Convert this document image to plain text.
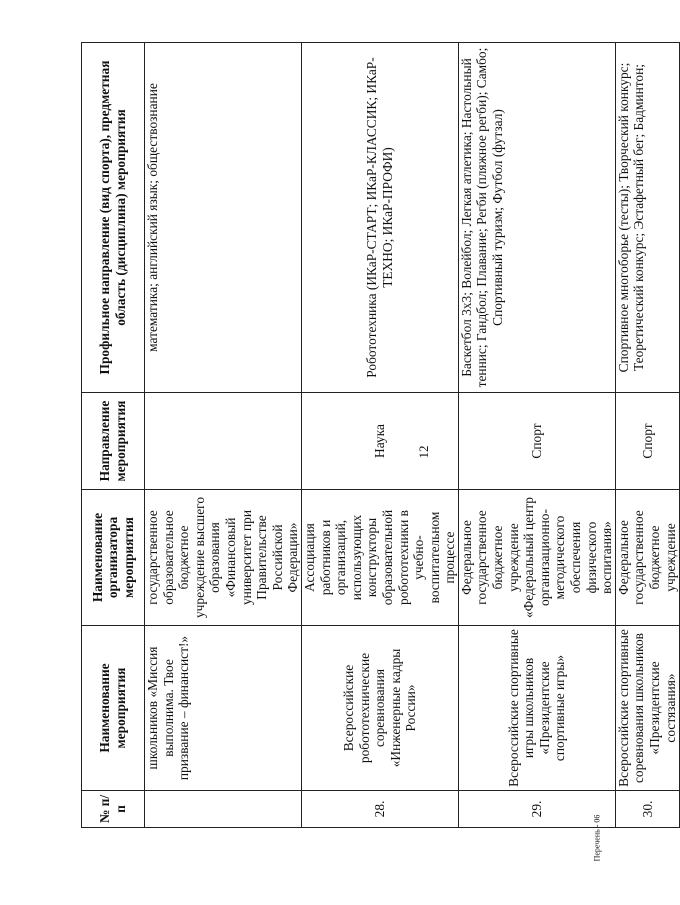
12
Перечень - 06
№ п/п	Наименование мероприятия	Наименование организатора мероприятия	Направление мероприятия	Профильное направление (вид спорта), предметная область (дисциплина) мероприятия
	школьников «Миссия выполнима. Твое призвание – финансист!»	государственное образовательное бюджетное учреждение высшего образования «Финансовый университет при Правительстве Российской Федерации»		математика; английский язык; обществознание
28.	Всероссийские робототехнические соревнования «Инженерные кадры России»	Ассоциация работников и организаций, использующих конструкторы образовательной робототехники в учебно-воспитательном процессе	Наука	Робототехника (ИКаР-СТАРТ; ИКаР-КЛАССИК; ИКаР-ТЕХНО; ИКаР-ПРОФИ)
29.	Всероссийские спортивные игры школьников «Президентские спортивные игры»	Федеральное государственное бюджетное учреждение «Федеральный центр организационно-методического обеспечения физического воспитания»	Спорт	Баскетбол 3х3; Волейбол; Легкая атлетика; Настольный теннис; Гандбол; Плавание; Регби (пляжное регби); Самбо; Спортивный туризм; Футбол (футзал)
30.	Всероссийские спортивные соревнования школьников «Президентские состязания»	Федеральное государственное бюджетное учреждение	Спорт	Спортивное многоборье (тесты); Творческий конкурс; Теоретический конкурс; Эстафетный бег; Бадминтон;
